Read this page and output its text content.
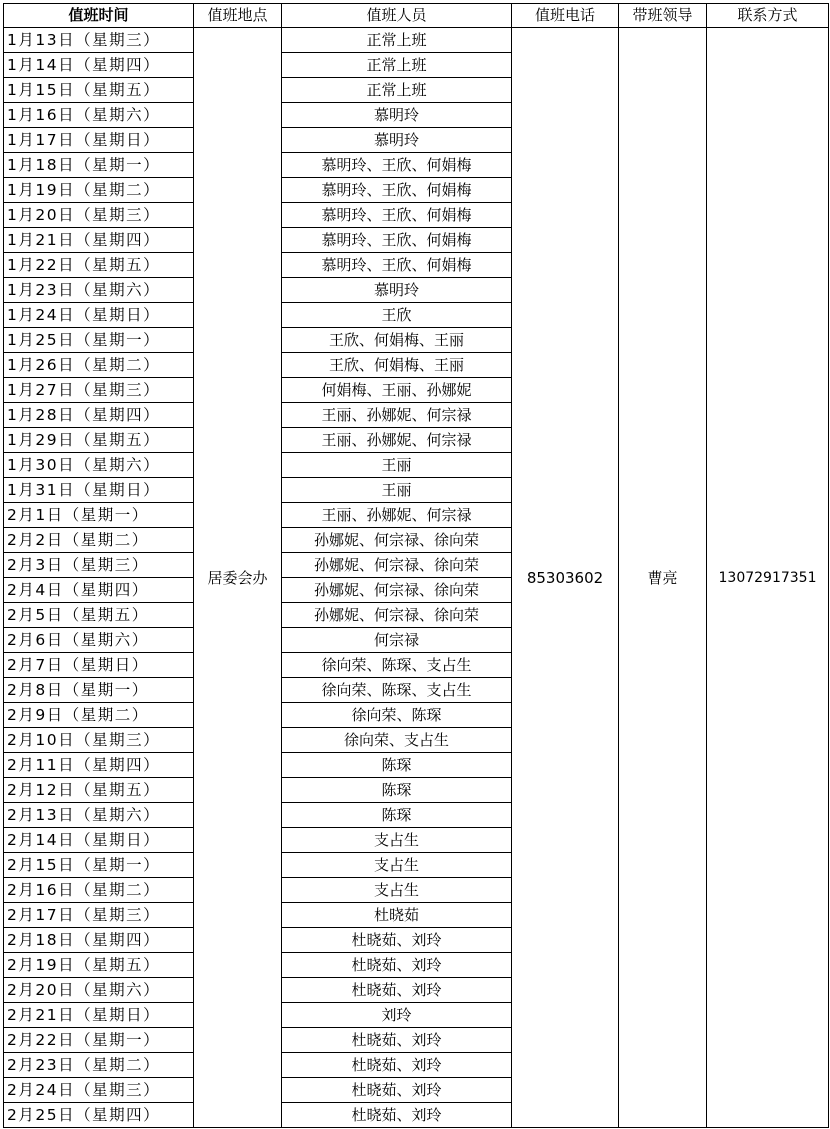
值班时间	值班地点	值班人员	值班电话	带班领导	联系方式
1月13日（星期三）	居委会办	正常上班	85303602	曹亮	13072917351
1月14日（星期四）		正常上班			
1月15日（星期五）		正常上班			
1月16日（星期六）		慕明玲			
1月17日（星期日）		慕明玲			
1月18日（星期一）		慕明玲、王欣、何娟梅			
1月19日（星期二）		慕明玲、王欣、何娟梅			
1月20日（星期三）		慕明玲、王欣、何娟梅			
1月21日（星期四）		慕明玲、王欣、何娟梅			
1月22日（星期五）		慕明玲、王欣、何娟梅			
1月23日（星期六）		慕明玲			
1月24日（星期日）		王欣			
1月25日（星期一）		王欣、何娟梅、王丽			
1月26日（星期二）		王欣、何娟梅、王丽			
1月27日（星期三）		何娟梅、王丽、孙娜妮			
1月28日（星期四）		王丽、孙娜妮、何宗禄			
1月29日（星期五）		王丽、孙娜妮、何宗禄			
1月30日（星期六）		王丽			
1月31日（星期日）		王丽			
2月1日（星期一）		王丽、孙娜妮、何宗禄			
2月2日（星期二）		孙娜妮、何宗禄、徐向荣			
2月3日（星期三）		孙娜妮、何宗禄、徐向荣			
2月4日（星期四）		孙娜妮、何宗禄、徐向荣			
2月5日（星期五）		孙娜妮、何宗禄、徐向荣			
2月6日（星期六）		何宗禄			
2月7日（星期日）		徐向荣、陈琛、支占生			
2月8日（星期一）		徐向荣、陈琛、支占生			
2月9日（星期二）		徐向荣、陈琛			
2月10日（星期三）		徐向荣、支占生			
2月11日（星期四）		陈琛			
2月12日（星期五）		陈琛			
2月13日（星期六）		陈琛			
2月14日（星期日）		支占生			
2月15日（星期一）		支占生			
2月16日（星期二）		支占生			
2月17日（星期三）		杜晓茹			
2月18日（星期四）		杜晓茹、刘玲			
2月19日（星期五）		杜晓茹、刘玲			
2月20日（星期六）		杜晓茹、刘玲			
2月21日（星期日）		刘玲			
2月22日（星期一）		杜晓茹、刘玲			
2月23日（星期二）		杜晓茹、刘玲			
2月24日（星期三）		杜晓茹、刘玲			
2月25日（星期四）		杜晓茹、刘玲			
